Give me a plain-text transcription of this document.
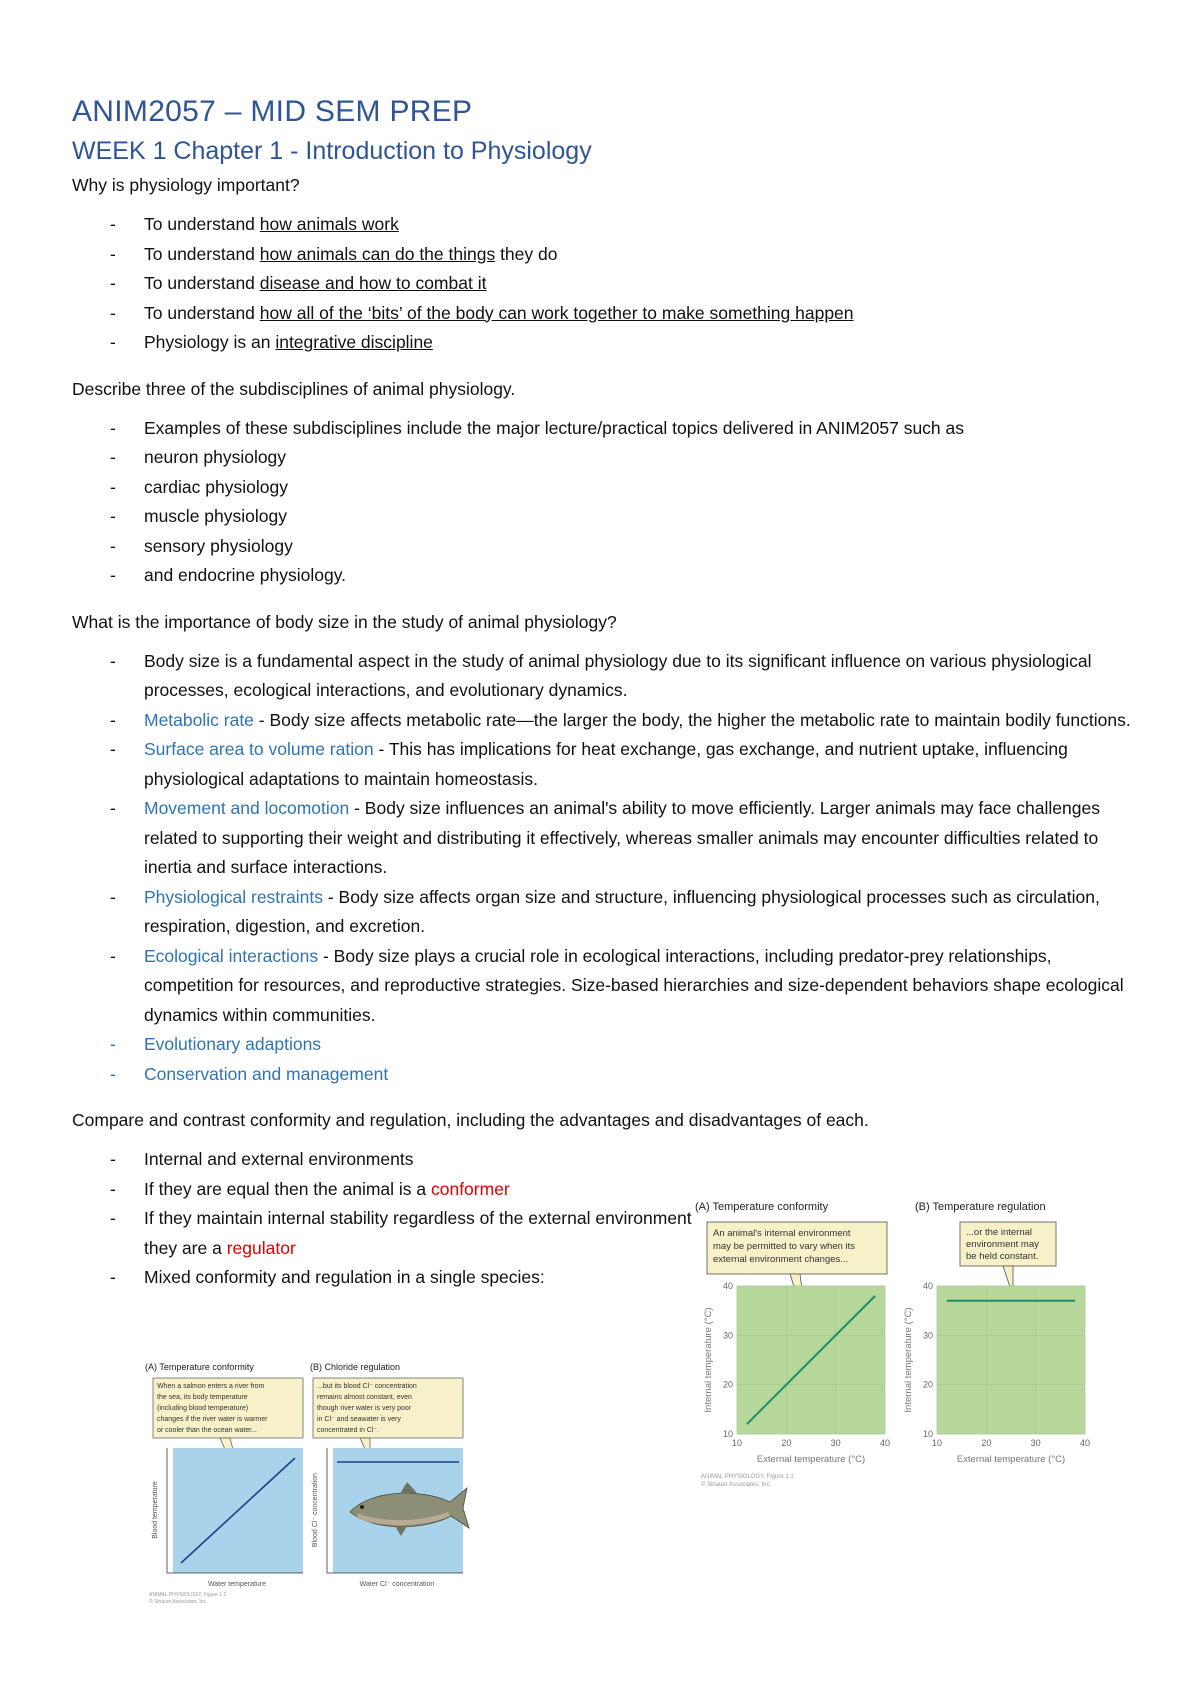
ANIM2057 – MID SEM PREP
WEEK 1 Chapter 1 - Introduction to Physiology

Why is physiology important?

- To understand how animals work
- To understand how animals can do the things they do
- To understand disease and how to combat it
- To understand how all of the ‘bits’ of the body can work together to make something happen
- Physiology is an integrative discipline

Describe three of the subdisciplines of animal physiology.

- Examples of these subdisciplines include the major lecture/practical topics delivered in ANIM2057 such as
- neuron physiology
- cardiac physiology
- muscle physiology
- sensory physiology
- and endocrine physiology.

What is the importance of body size in the study of animal physiology?

- Body size is a fundamental aspect in the study of animal physiology due to its significant influence on various physiological processes, ecological interactions, and evolutionary dynamics.
- Metabolic rate - Body size affects metabolic rate—the larger the body, the higher the metabolic rate to maintain bodily functions.
- Surface area to volume ration - This has implications for heat exchange, gas exchange, and nutrient uptake, influencing physiological adaptations to maintain homeostasis.
- Movement and locomotion - Body size influences an animal's ability to move efficiently. Larger animals may face challenges related to supporting their weight and distributing it effectively, whereas smaller animals may encounter difficulties related to inertia and surface interactions.
- Physiological restraints - Body size affects organ size and structure, influencing physiological processes such as circulation, respiration, digestion, and excretion.
- Ecological interactions - Body size plays a crucial role in ecological interactions, including predator-prey relationships, competition for resources, and reproductive strategies. Size-based hierarchies and size-dependent behaviors shape ecological dynamics within communities.
- Evolutionary adaptions
- Conservation and management

Compare and contrast conformity and regulation, including the advantages and disadvantages of each.

- Internal and external environments
- If they are equal then the animal is a conformer
- If they maintain internal stability regardless of the external environment they are a regulator
- Mixed conformity and regulation in a single species:
(A) Temperature conformity	(B) Temperature regulation
An animal's internal environment
may be permitted to vary when its
external environment changes...
...or the internal
environment may
be held constant.
10
20
30
40
10	20	30	40
Internal temperature (°C)
External temperature (°C)
10
20
30
40
10	20	30	40
Internal temperature (°C)
External temperature (°C)
ANIMAL PHYSIOLOGY, Figure 1.1
© Sinauer Associates, Inc.
(A) Temperature conformity	(B) Chloride regulation
When a salmon enters a river from
the sea, its body temperature
(including blood temperature)
changes if the river water is warmer
or cooler than the ocean water...
...but its blood Cl⁻ concentration
remains almost constant, even
though river water is very poor
in Cl⁻ and seawater is very
concentrated in Cl⁻.
Blood temperature
Water temperature
Blood Cl⁻ concentration
Water Cl⁻ concentration
ANIMAL PHYSIOLOGY, Figure 1.2
© Sinauer Associates, Inc.
